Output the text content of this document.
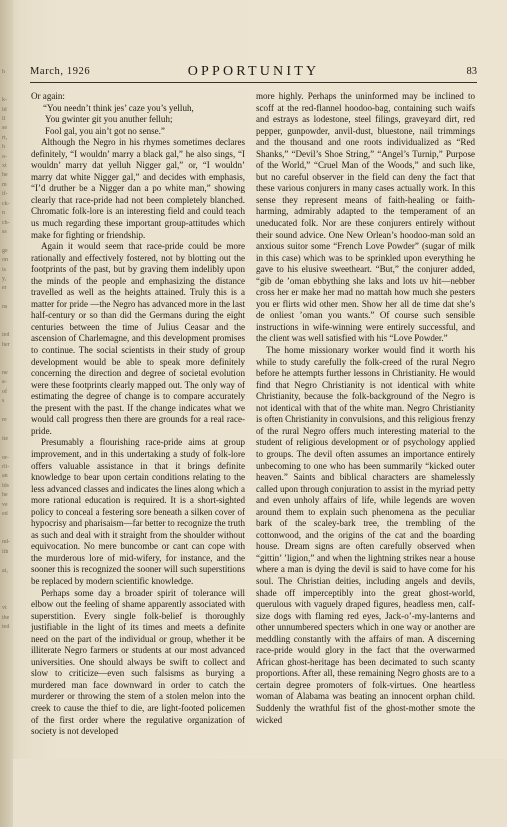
h

k-
ld
ll
se
rt,
h
o-
xt
he
m
if-
ck-
n
ch-
ss

ge
on
is
y,
er

ns

ied
her

ne
a-
of
s

re

ite

or-
rli-
an
lds
he
ve
ed

nd-
ith

at,

vt
the
ted
March, 1926	OPPORTUNITY	83

Or again:

“You needn’t think jes’ caze you’s yelluh,
You gwinter git you anuther felluh;
Fool gal, you ain’t got no sense.”

Although the Negro in his rhymes sometimes declares definitely, “I wouldn’ marry a black gal,” he also sings, “I wouldn’ marry dat yelluh Nigger gal,” or, “I wouldn’ marry dat white Nigger gal,” and decides with emphasis, “I’d druther be a Nigger dan a po white man,” showing clearly that race-pride had not been completely blanched. Chromatic folk-lore is an interesting field and could teach us much regarding these important group-attitudes which make for fighting or friendship.

Again it would seem that race-pride could be more rationally and effectively fostered, not by blotting out the footprints of the past, but by graving them indelibly upon the minds of the people and emphasizing the distance travelled as well as the heights attained. Truly this is a matter for pride —the Negro has advanced more in the last half-century or so than did the Germans during the eight centuries between the time of Julius Ceasar and the ascension of Charlemagne, and this development promises to continue. The social scientists in their study of group development would be able to speak more definitely concerning the direction and degree of societal evolution were these footprints clearly mapped out. The only way of estimating the degree of change is to compare accurately the present with the past. If the change indicates what we would call progress then there are grounds for a real race-pride.

Presumably a flourishing race-pride aims at group improvement, and in this undertaking a study of folk-lore offers valuable assistance in that it brings definite knowledge to bear upon certain conditions relating to the less advanced classes and indicates the lines along which a more rational education is required. It is a short-sighted policy to conceal a festering sore beneath a silken cover of hypocrisy and pharisaism—far better to recognize the truth as such and deal with it straight from the shoulder without equivocation. No mere buncombe or cant can cope with the murderous lore of mid-wifery, for instance, and the sooner this is recognized the sooner will such superstitions be replaced by modern scientific knowledge.

Perhaps some day a broader spirit of tolerance will elbow out the feeling of shame apparently associated with superstition. Every single folk-belief is thoroughly justifiable in the light of its times and meets a definite need on the part of the individual or group, whether it be illiterate Negro farmers or students at our most advanced universities. One should always be swift to collect and slow to criticize—even such falsisms as burying a murdered man face downward in order to catch the murderer or throwing the stem of a stolen melon into the creek to cause the thief to die, are light-footed policemen of the first order where the regulative organization of society is not developed

more highly. Perhaps the uninformed may be inclined to scoff at the red-flannel hoodoo-bag, containing such waifs and estrays as lodestone, steel filings, graveyard dirt, red pepper, gunpowder, anvil-dust, bluestone, nail trimmings and the thousand and one roots individualized as “Red Shanks,” “Devil’s Shoe String,” “Angel’s Turnip,” Purpose of the World,” “Cruel Man of the Woods,” and such like, but no careful observer in the field can deny the fact that these various conjurers in many cases actually work. In this sense they represent means of faith-healing or faith-harming, admirably adapted to the temperament of an uneducated folk. Nor are these conjurers entirely without their sound advice. One New Orlean’s hoodoo-man sold an anxious suitor some “French Love Powder” (sugar of milk in this case) which was to be sprinkled upon everything he gave to his elusive sweetheart. “But,” the conjurer added, “gib de ’oman ebbything she laks and lots uv hit—nebber cross her er make her mad no mattah how much she pesters you er flirts wid other men. Show her all de time dat she’s de onliest ’oman you wants.” Of course such sensible instructions in wife-winning were entirely successful, and the client was well satisfied with his “Love Powder.”

The home missionary worker would find it worth his while to study carefully the folk-creed of the rural Negro before he attempts further lessons in Christianity. He would find that Negro Christianity is not identical with white Christianity, because the folk-background of the Negro is not identical with that of the white man. Negro Christianity is often Christianity in convulsions, and this religious frenzy of the rural Negro offers much interesting material to the student of religious development or of psychology applied to groups. The devil often assumes an importance entirely unbecoming to one who has been summarily “kicked outer heaven.” Saints and biblical characters are shamelessly called upon through conjuration to assist in the myriad petty and even unholy affairs of life, while legends are woven around them to explain such phenomena as the peculiar bark of the scaley-bark tree, the trembling of the cottonwood, and the origins of the cat and the boarding house. Dream signs are often carefully observed when “gittin’ ’ligion,” and when the lightning strikes near a house where a man is dying the devil is said to have come for his soul. The Christian deities, including angels and devils, shade off imperceptibly into the great ghost-world, querulous with vaguely draped figures, headless men, calf-size dogs with flaming red eyes, Jack-o’-my-lanterns and other unnumbered specters which in one way or another are meddling constantly with the affairs of man. A discerning race-pride would glory in the fact that the overwarmed African ghost-heritage has been decimated to such scanty proportions. After all, these remaining Negro ghosts are to a certain degree promoters of folk-virtues. One heartless woman of Alabama was beating an innocent orphan child. Suddenly the wrathful fist of the ghost-mother smote the wicked
